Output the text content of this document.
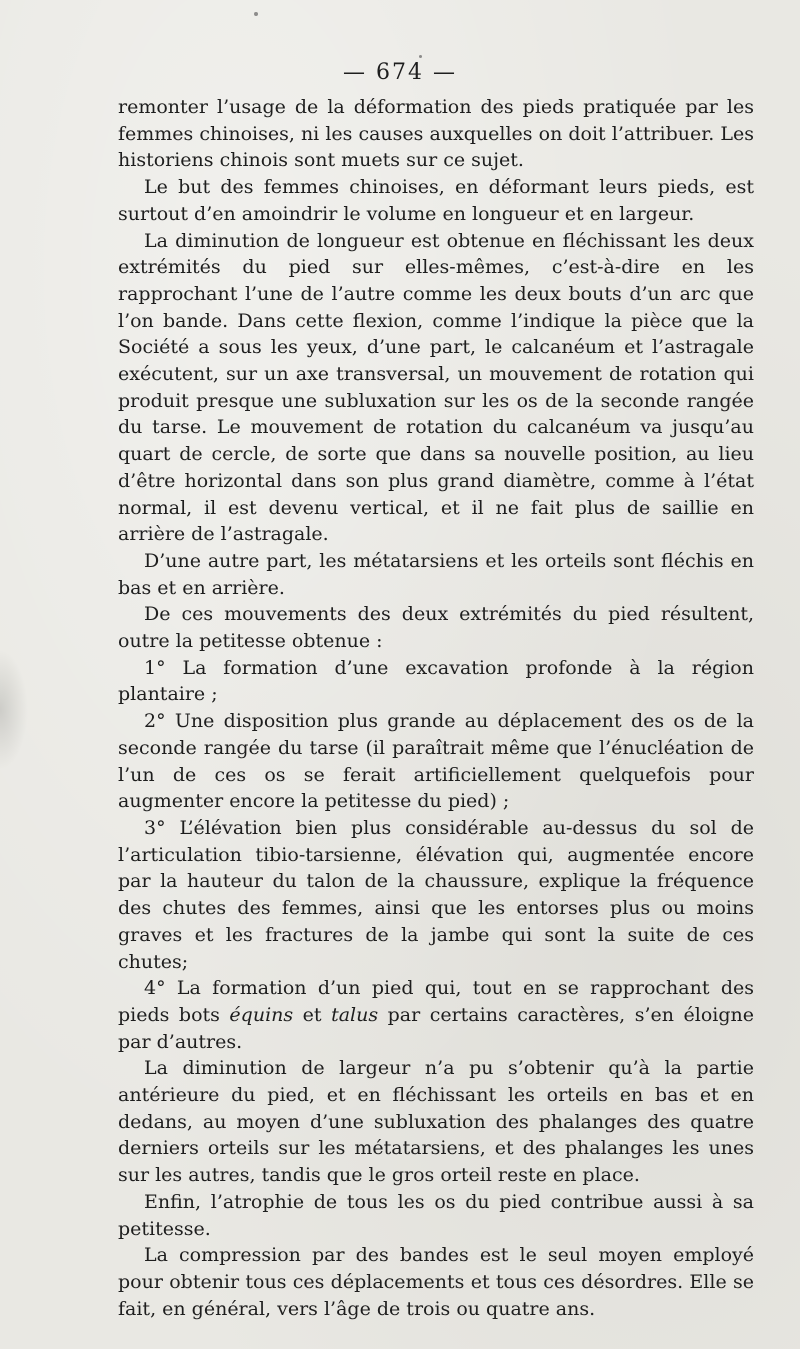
— 674 —

remonter l’usage de la déformation des pieds pratiquée par les femmes chinoises, ni les causes auxquelles on doit l’attribuer. Les historiens chinois sont muets sur ce sujet.

Le but des femmes chinoises, en déformant leurs pieds, est surtout d’en amoindrir le volume en longueur et en largeur.

La diminution de longueur est obtenue en fléchissant les deux extrémités du pied sur elles-mêmes, c’est-à-dire en les rapprochant l’une de l’autre comme les deux bouts d’un arc que l’on bande. Dans cette flexion, comme l’indique la pièce que la Société a sous les yeux, d’une part, le calcanéum et l’astragale exécutent, sur un axe transversal, un mouvement de rotation qui produit presque une subluxation sur les os de la seconde rangée du tarse. Le mouvement de rotation du calcanéum va jusqu’au quart de cercle, de sorte que dans sa nouvelle position, au lieu d’être horizontal dans son plus grand diamètre, comme à l’état normal, il est devenu vertical, et il ne fait plus de saillie en arrière de l’astragale.

D’une autre part, les métatarsiens et les orteils sont fléchis en bas et en arrière.

De ces mouvements des deux extrémités du pied résultent, outre la petitesse obtenue :

1° La formation d’une excavation profonde à la région plantaire ;

2° Une disposition plus grande au déplacement des os de la seconde rangée du tarse (il paraîtrait même que l’énucléation de l’un de ces os se ferait artificiellement quelquefois pour augmenter encore la petitesse du pied) ;

3° L’élévation bien plus considérable au-dessus du sol de l’articulation tibio-tarsienne, élévation qui, augmentée encore par la hauteur du talon de la chaussure, explique la fréquence des chutes des femmes, ainsi que les entorses plus ou moins graves et les fractures de la jambe qui sont la suite de ces chutes;

4° La formation d’un pied qui, tout en se rapprochant des pieds bots équins et talus par certains caractères, s’en éloigne par d’autres.

La diminution de largeur n’a pu s’obtenir qu’à la partie antérieure du pied, et en fléchissant les orteils en bas et en dedans, au moyen d’une subluxation des phalanges des quatre derniers orteils sur les métatarsiens, et des phalanges les unes sur les autres, tandis que le gros orteil reste en place.

Enfin, l’atrophie de tous les os du pied contribue aussi à sa petitesse.

La compression par des bandes est le seul moyen employé pour obtenir tous ces déplacements et tous ces désordres. Elle se fait, en général, vers l’âge de trois ou quatre ans.
